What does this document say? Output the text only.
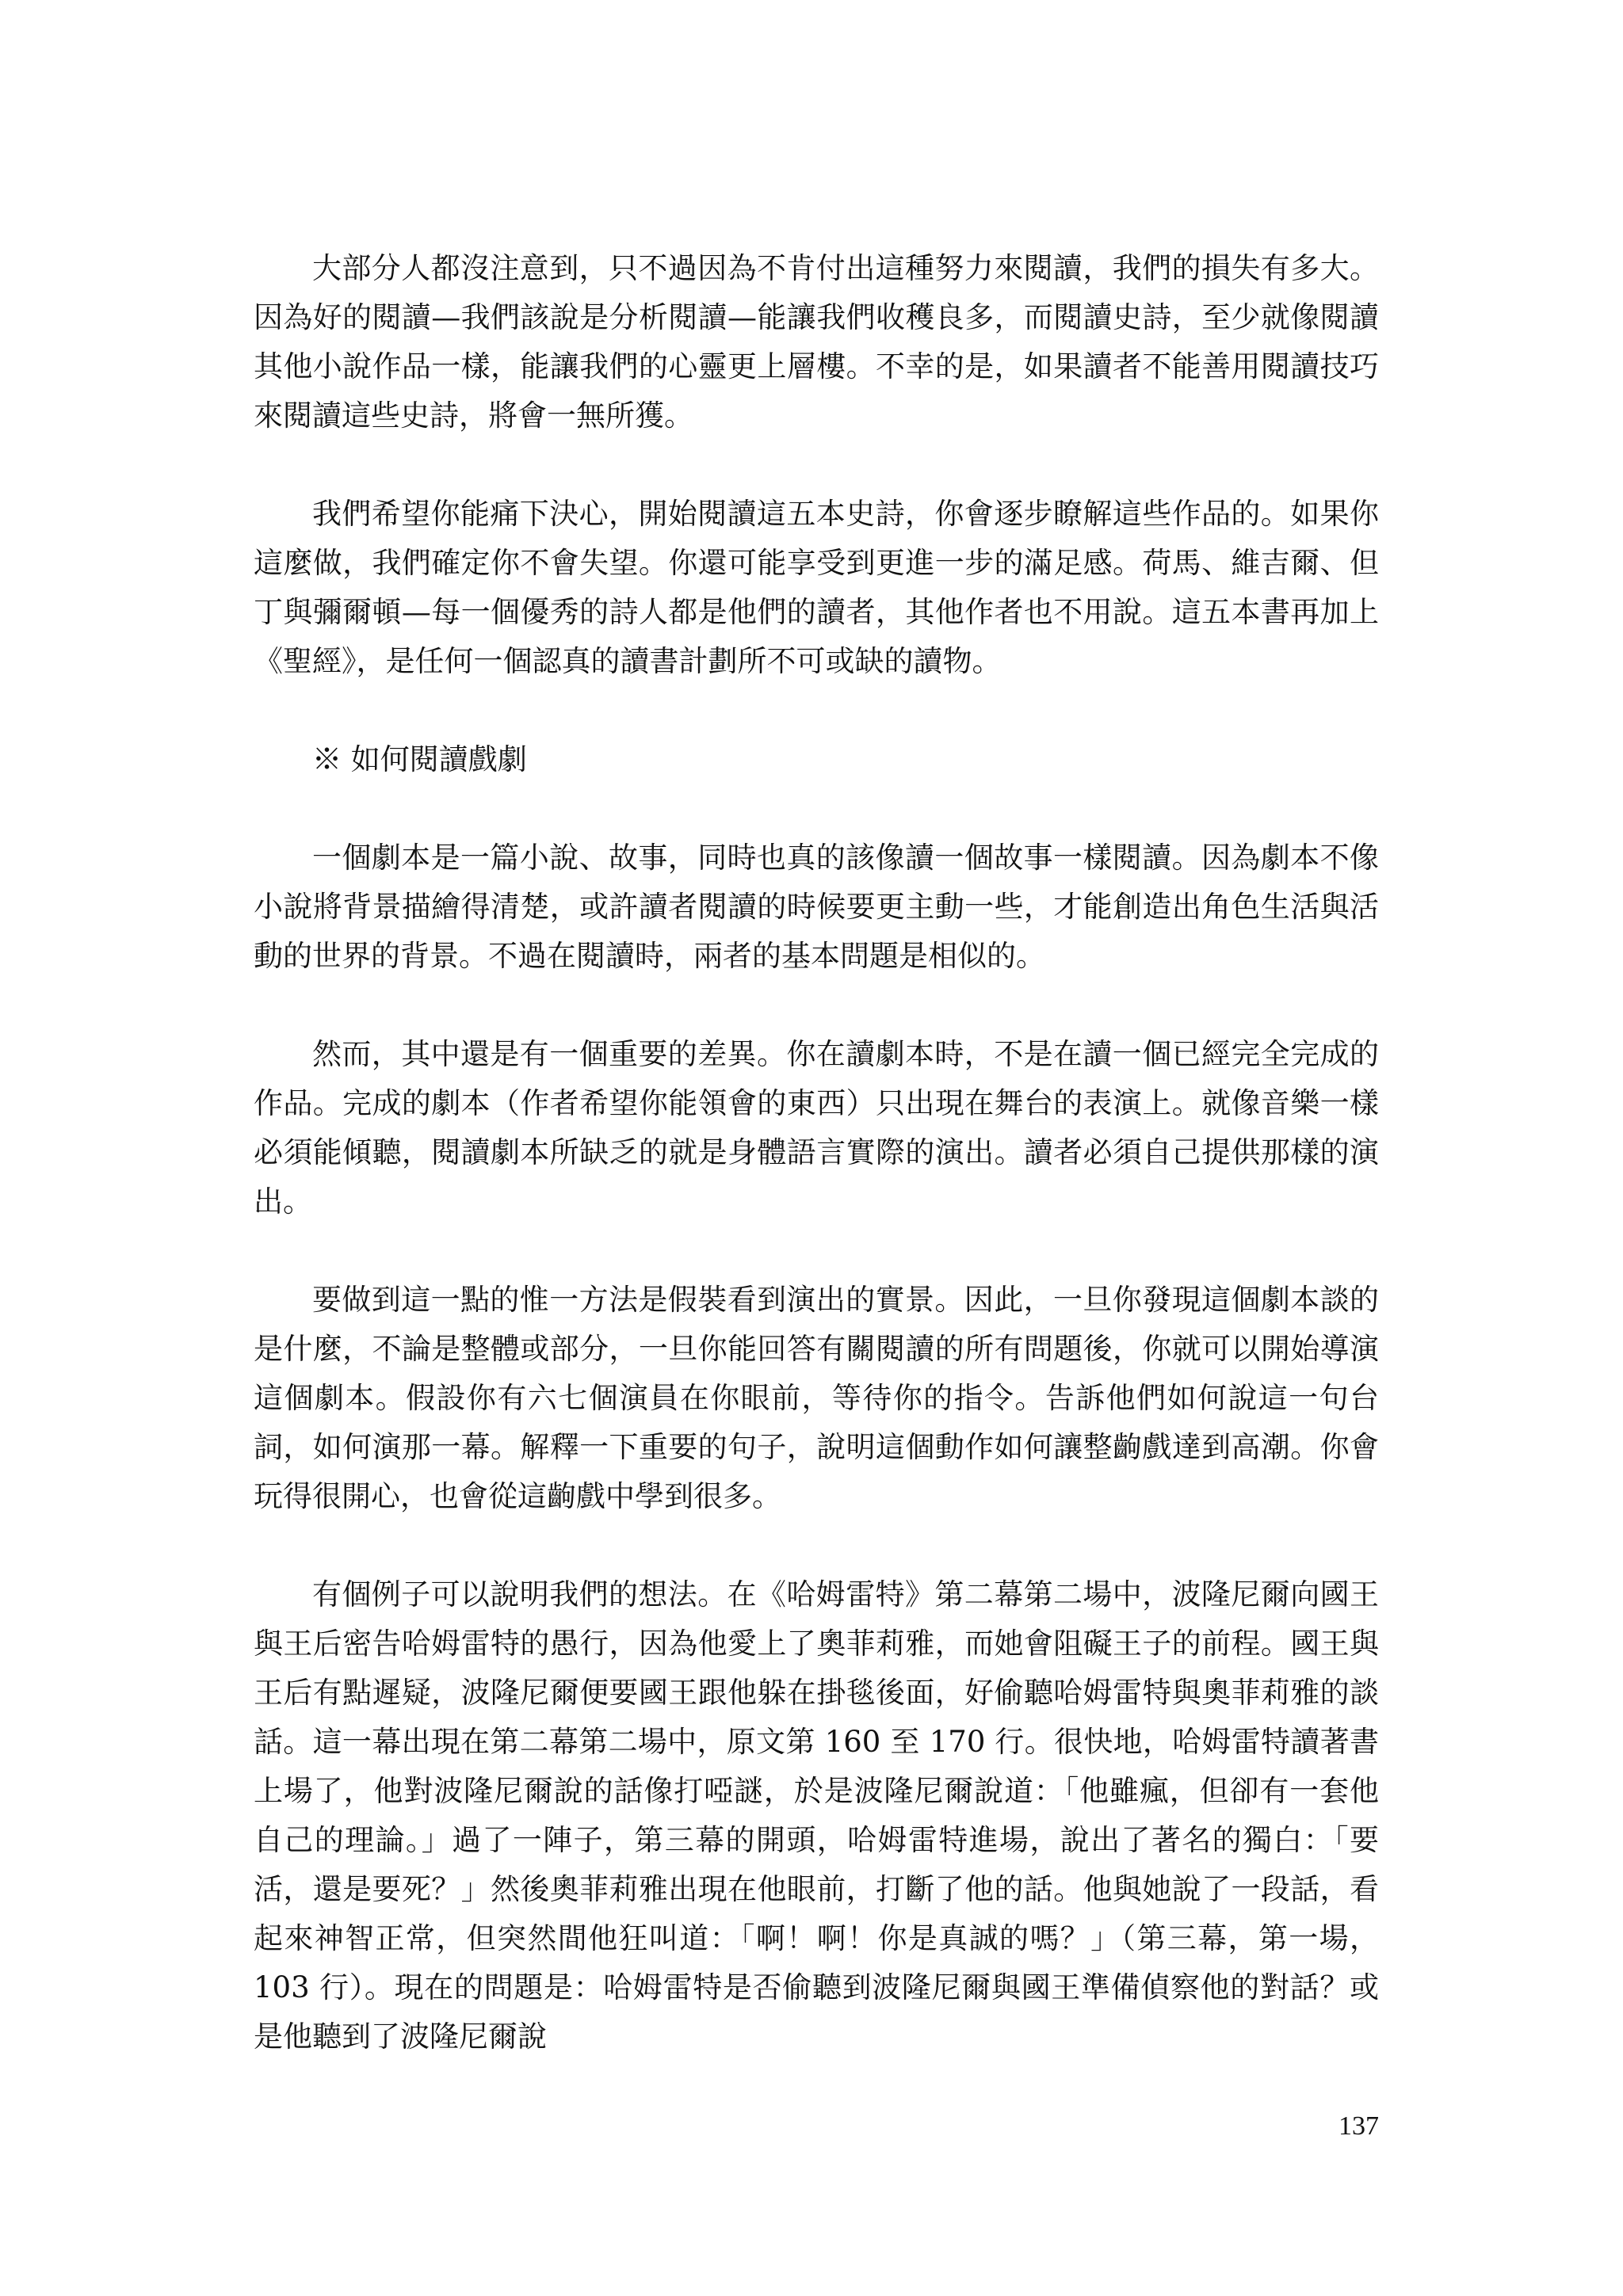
大部分人都沒注意到，只不過因為不肯付出這種努力來閱讀，我們的損失有多大。因為好的閱讀—我們該說是分析閱讀—能讓我們收穫良多，而閱讀史詩，至少就像閱讀其他小說作品一樣，能讓我們的心靈更上層樓。不幸的是，如果讀者不能善用閱讀技巧來閱讀這些史詩，將會一無所獲。

我們希望你能痛下決心，開始閱讀這五本史詩，你會逐步瞭解這些作品的。如果你這麼做，我們確定你不會失望。你還可能享受到更進一步的滿足感。荷馬、維吉爾、但丁與彌爾頓—每一個優秀的詩人都是他們的讀者，其他作者也不用說。這五本書再加上《聖經》，是任何一個認真的讀書計劃所不可或缺的讀物。

※ 如何閱讀戲劇

一個劇本是一篇小說、故事，同時也真的該像讀一個故事一樣閱讀。因為劇本不像小說將背景描繪得清楚，或許讀者閱讀的時候要更主動一些，才能創造出角色生活與活動的世界的背景。不過在閱讀時，兩者的基本問題是相似的。

然而，其中還是有一個重要的差異。你在讀劇本時，不是在讀一個已經完全完成的作品。完成的劇本（作者希望你能領會的東西）只出現在舞台的表演上。就像音樂一樣必須能傾聽，閱讀劇本所缺乏的就是身體語言實際的演出。讀者必須自己提供那樣的演出。

要做到這一點的惟一方法是假裝看到演出的實景。因此，一旦你發現這個劇本談的是什麼，不論是整體或部分，一旦你能回答有關閱讀的所有問題後，你就可以開始導演這個劇本。假設你有六七個演員在你眼前，等待你的指令。告訴他們如何說這一句台詞，如何演那一幕。解釋一下重要的句子，說明這個動作如何讓整齣戲達到高潮。你會玩得很開心，也會從這齣戲中學到很多。

有個例子可以說明我們的想法。在《哈姆雷特》第二幕第二場中，波隆尼爾向國王與王后密告哈姆雷特的愚行，因為他愛上了奧菲莉雅，而她會阻礙王子的前程。國王與王后有點遲疑，波隆尼爾便要國王跟他躲在掛毯後面，好偷聽哈姆雷特與奧菲莉雅的談話。這一幕出現在第二幕第二場中，原文第 160 至 170 行。很快地，哈姆雷特讀著書上場了，他對波隆尼爾說的話像打啞謎，於是波隆尼爾說道：「他雖瘋，但卻有一套他自己的理論。」過了一陣子，第三幕的開頭，哈姆雷特進場，說出了著名的獨白：「要活，還是要死？」然後奧菲莉雅出現在他眼前，打斷了他的話。他與她說了一段話，看起來神智正常，但突然間他狂叫道：「啊！啊！你是真誠的嗎？」（第三幕，第一場，103 行）。現在的問題是：哈姆雷特是否偷聽到波隆尼爾與國王準備偵察他的對話？或是他聽到了波隆尼爾說

137
